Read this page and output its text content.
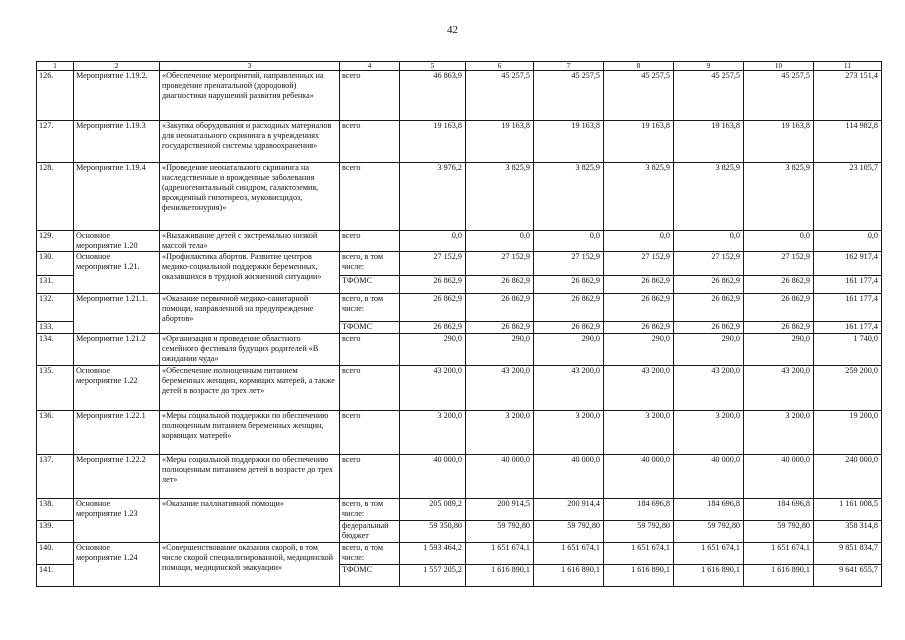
42
1	2	3	4	5	6	7	8	9	10	11
126.	Мероприятие 1.19.2.	«Обеспечение мероприятий, направленных на проведение пренатальной (дородовой) диагностики нарушений развития ребенка»	всего	46 863,9	45 257,5	45 257,5	45 257,5	45 257,5	45 257,5	273 151,4
127.	Мероприятие 1.19.3	«Закупка оборудования и расходных материалов для неонатального скрининга в учреждениях государственной системы здравоохранения»	всего	19 163,8	19 163,8	19 163,8	19 163,8	19 163,8	19 163,8	114 982,8
128.	Мероприятие 1.19.4	«Проведение неонатального скрининга на наследственные и врожденные заболевания (адреногенитальный синдром, галактоземия, врожденный гипотиреоз, муковисцидоз, фенилкетонурия)»	всего	3 976,2	3 825,9	3 825,9	3 825,9	3 825,9	3 825,9	23 105,7
129.	Основное мероприятие 1.20	«Выхаживание детей с экстремально низкой массой тела»	всего	0,0	0,0	0,0	0,0	0,0	0,0	0,0
130.	Основное мероприятие 1.21.	«Профилактика абортов. Развитие центров медико-социальной поддержки беременных, оказавшихся в трудной жизненной ситуации»	всего, в том числе:	27 152,9	27 152,9	27 152,9	27 152,9	27 152,9	27 152,9	162 917,4
131.			ТФОМС	26 862,9	26 862,9	26 862,9	26 862,9	26 862,9	26 862,9	161 177,4
132.	Мероприятие 1.21.1.	«Оказание первичной медико-санитарной помощи, направленной на предупреждение абортов»	всего, в том числе:	26 862,9	26 862,9	26 862,9	26 862,9	26 862,9	26 862,9	161 177,4
133.			ТФОМС	26 862,9	26 862,9	26 862,9	26 862,9	26 862,9	26 862,9	161 177,4
134.	Мероприятие 1.21.2	«Организация и проведение областного семейного фестиваля будущих родителей «В ожидании чуда»	всего	290,0	290,0	290,0	290,0	290,0	290,0	1 740,0
135.	Основное мероприятие 1.22	«Обеспечение полноценным питанием беременных женщин, кормящих матерей, а также детей в возрасте до трех лет»	всего	43 200,0	43 200,0	43 200,0	43 200,0	43 200,0	43 200,0	259 200,0
136.	Мероприятие 1.22.1	«Меры социальной поддержки по обеспечению полноценным питанием беременных женщин, кормящих матерей»	всего	3 200,0	3 200,0	3 200,0	3 200,0	3 200,0	3 200,0	19 200,0
137.	Мероприятие 1.22.2	«Меры социальной поддержки по обеспечению полноценным питанием детей в возрасте до трех лет»	всего	40 000,0	40 000,0	40 000,0	40 000,0	40 000,0	40 000,0	240 000,0
138.	Основное мероприятие 1.23	«Оказание паллиативной помощи»	всего, в том числе:	205 089,2	200 914,5	200 914,4	184 696,8	184 696,8	184 696,8	1 161 008,5
139.			федеральный бюджет	59 350,80	59 792,80	59 792,80	59 792,80	59 792,80	59 792,80	358 314,8
140.	Основное мероприятие 1.24	«Совершенствование оказания скорой, в том числе скорой специализированной, медицинской помощи, медицинской эвакуации»	всего, в том числе:	1 593 464,2	1 651 674,1	1 651 674,1	1 651 674,1	1 651 674,1	1 651 674,1	9 851 834,7
141.			ТФОМС	1 557 205,2	1 616 890,1	1 616 890,1	1 616 890,1	1 616 890,1	1 616 890,1	9 641 655,7
